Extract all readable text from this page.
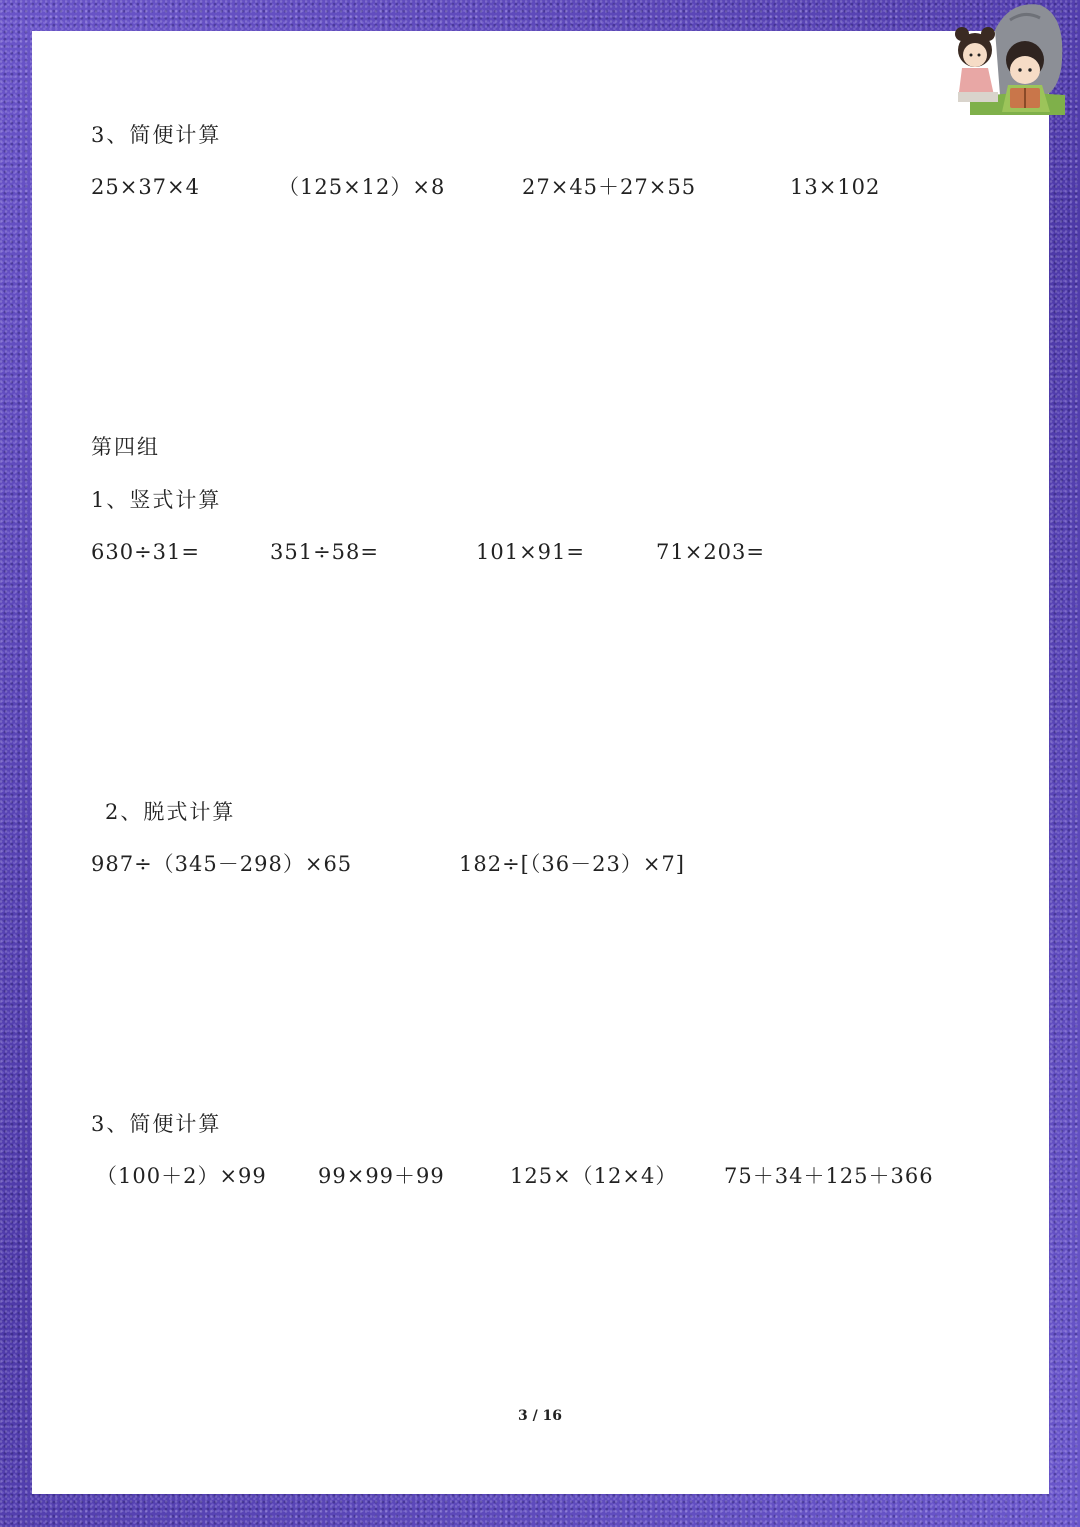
3、简便计算
25×37×4	（125×12）×8	27×45＋27×55	13×102
第四组
1、竖式计算
630÷31=	351÷58=	101×91=	71×203=
2、脱式计算
987÷（345－298）×65	182÷[（36－23）×7]
3、简便计算
（100＋2）×99 99×99＋99	125×（12×4） 75＋34＋125＋366
3 / 16
